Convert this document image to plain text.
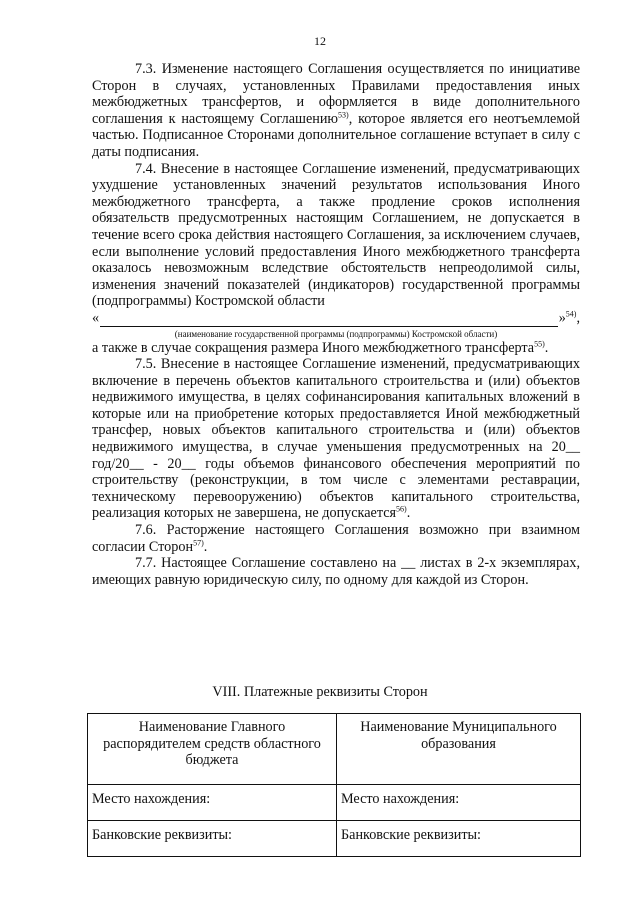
12

7.3. Изменение настоящего Соглашения осуществляется по инициативе Сторон в случаях, установленных Правилами предоставления иных межбюджетных трансфертов, и оформляется в виде дополнительного соглашения к настоящему Соглашению$^{53)}$, которое является его неотъемлемой частью. Подписанное Сторонами дополнительное соглашение вступает в силу с даты подписания.

7.4. Внесение в настоящее Соглашение изменений, предусматривающих ухудшение установленных значений результатов использования Иного межбюджетного трансферта, а также продление сроков исполнения обязательств предусмотренных настоящим Соглашением, не допускается в течение всего срока действия настоящего Соглашения, за исключением случаев, если выполнение условий предоставления Иного межбюджетного трансферта оказалось невозможным вследствие обстоятельств непреодолимой силы, изменения значений показателей (индикаторов) государственной программы (подпрограммы) Костромской области

«	»$^{54)}$,

(наименование государственной программы (подпрограммы) Костромской области)

а также в случае сокращения размера Иного межбюджетного трансферта$^{55)}$.

7.5. Внесение в настоящее Соглашение изменений, предусматривающих включение в перечень объектов капитального строительства и (или) объектов недвижимого имущества, в целях софинансирования капитальных вложений в которые или на приобретение которых предоставляется Иной межбюджетный трансфер, новых объектов капитального строительства и (или) объектов недвижимого имущества, в случае уменьшения предусмотренных на 20__ год/20__ - 20__ годы объемов финансового обеспечения мероприятий по строительству (реконструкции, в том числе с элементами реставрации, техническому перевооружению) объектов капитального строительства, реализация которых не завершена, не допускается$^{56)}$.

7.6. Расторжение настоящего Соглашения возможно при взаимном согласии Сторон$^{57)}$.

7.7. Настоящее Соглашение составлено на __ листах в 2-х экземплярах, имеющих равную юридическую силу, по одному для каждой из Сторон.

VIII. Платежные реквизиты Сторон
Наименование Главного распорядителем средств областного бюджета	Наименование Муниципального образования
Место нахождения:	Место нахождения:
Банковские реквизиты:	Банковские реквизиты:
